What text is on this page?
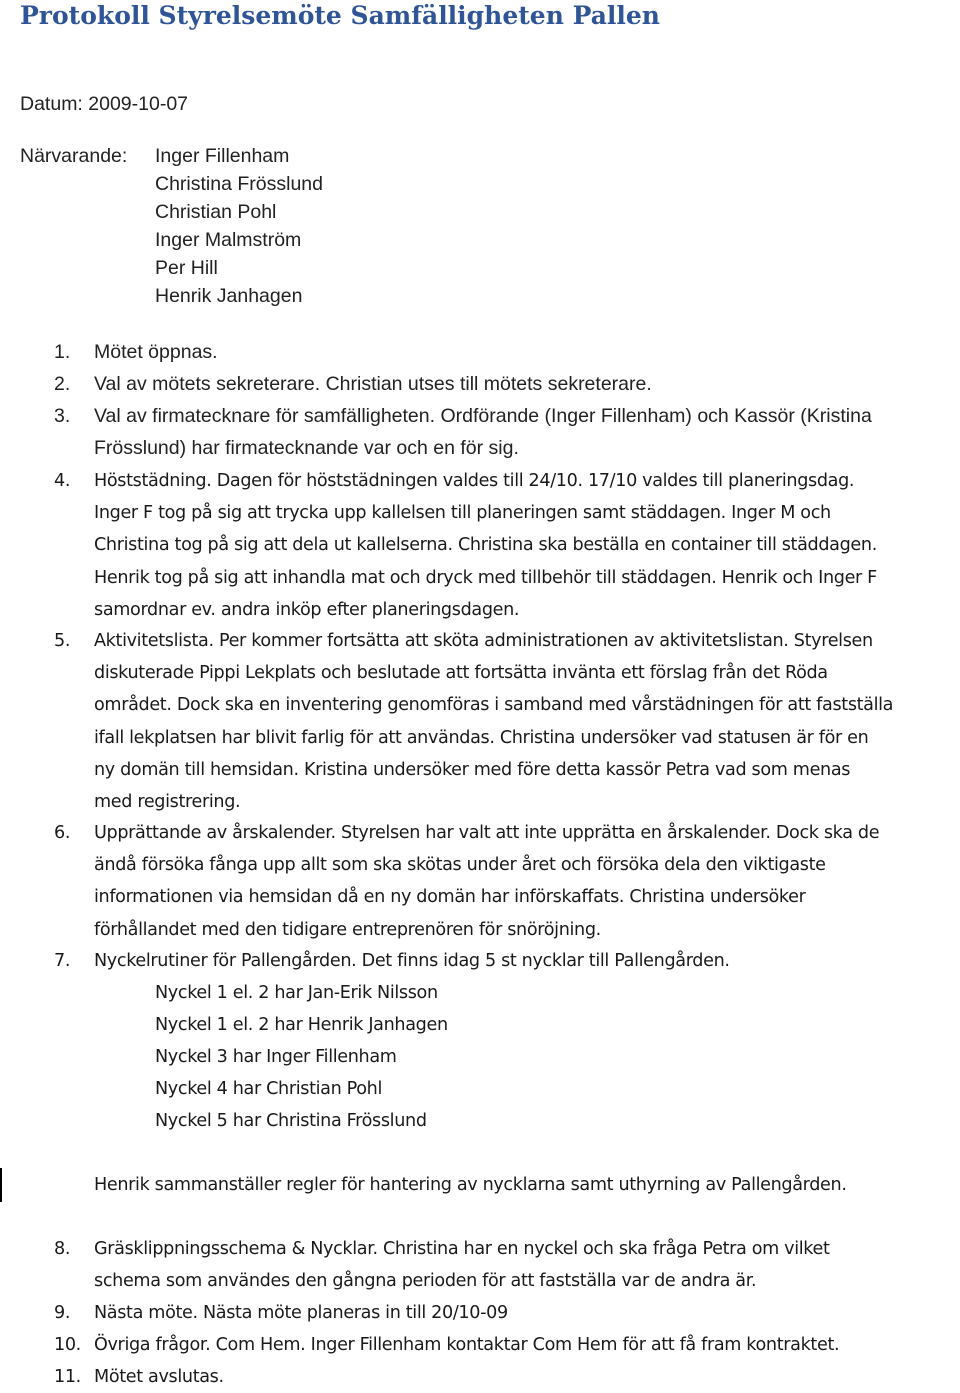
Protokoll Styrelsemöte Samfälligheten Pallen
Datum: 2009-10-07
Närvarande: Inger Fillenham
Christina Frösslund
Christian Pohl
Inger Malmström
Per Hill
Henrik Janhagen
1. Mötet öppnas.
2. Val av mötets sekreterare. Christian utses till mötets sekreterare.
3. Val av firmatecknare för samfälligheten. Ordförande (Inger Fillenham) och Kassör (Kristina
Frösslund) har firmatecknande var och en för sig.
4. Höststädning. Dagen för höststädningen valdes till 24/10. 17/10 valdes till planeringsdag.
Inger F tog på sig att trycka upp kallelsen till planeringen samt städdagen. Inger M och
Christina tog på sig att dela ut kallelserna. Christina ska beställa en container till städdagen.
Henrik tog på sig att inhandla mat och dryck med tillbehör till städdagen. Henrik och Inger F
samordnar ev. andra inköp efter planeringsdagen.
5. Aktivitetslista. Per kommer fortsätta att sköta administrationen av aktivitetslistan. Styrelsen
diskuterade Pippi Lekplats och beslutade att fortsätta invänta ett förslag från det Röda
området. Dock ska en inventering genomföras i samband med vårstädningen för att fastställa
ifall lekplatsen har blivit farlig för att användas. Christina undersöker vad statusen är för en
ny domän till hemsidan. Kristina undersöker med före detta kassör Petra vad som menas
med registrering.
6. Upprättande av årskalender. Styrelsen har valt att inte upprätta en årskalender. Dock ska de
ändå försöka fånga upp allt som ska skötas under året och försöka dela den viktigaste
informationen via hemsidan då en ny domän har införskaffats. Christina undersöker
förhållandet med den tidigare entreprenören för snöröjning.
7. Nyckelrutiner för Pallengården. Det finns idag 5 st nycklar till Pallengården.
Nyckel 1 el. 2 har Jan-Erik Nilsson
Nyckel 1 el. 2 har Henrik Janhagen
Nyckel 3 har Inger Fillenham
Nyckel 4 har Christian Pohl
Nyckel 5 har Christina Frösslund
Henrik sammanställer regler för hantering av nycklarna samt uthyrning av Pallengården.
8. Gräsklippningsschema & Nycklar. Christina har en nyckel och ska fråga Petra om vilket
schema som användes den gångna perioden för att fastställa var de andra är.
9. Nästa möte. Nästa möte planeras in till 20/10-09
10. Övriga frågor. Com Hem. Inger Fillenham kontaktar Com Hem för att få fram kontraktet.
11. Mötet avslutas.
